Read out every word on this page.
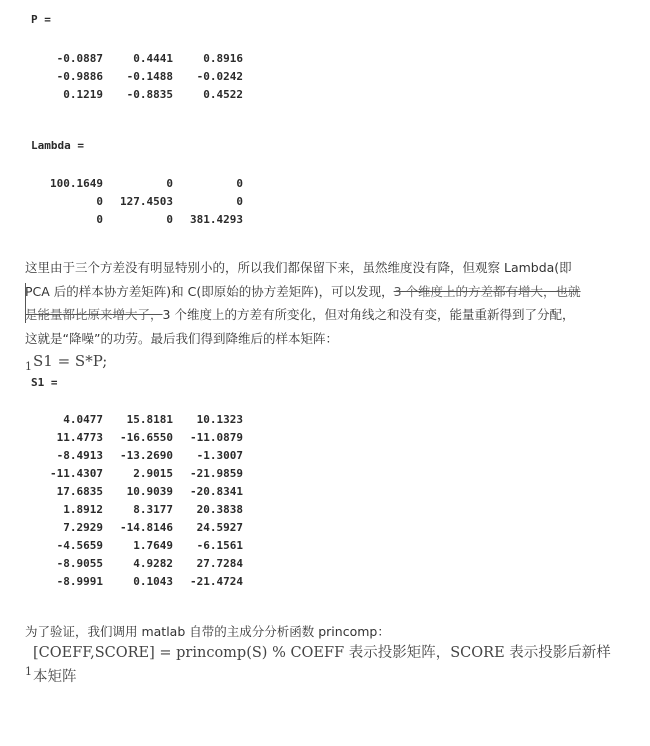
P =
-0.0887	0.4441	0.8916
-0.9886	-0.1488	-0.0242
0.1219	-0.8835	0.4522
Lambda =
100.1649	0	0
0	127.4503	0
0	0	381.4293
这里由于三个方差没有明显特别小的，所以我们都保留下来，虽然维度没有降，但观察 Lambda(即
PCA 后的样本协方差矩阵)和 C(即原始的协方差矩阵)，可以发现，3 个维度上的方差都有增大，也就
是能量都比原来增大了，3 个维度上的方差有所变化，但对角线之和没有变，能量重新得到了分配，
这就是“降噪”的功劳。最后我们得到降维后的样本矩阵：
$_1$S1 = S*P;
S1 =
4.0477	15.8181	10.1323
11.4773	-16.6550	-11.0879
-8.4913	-13.2690	-1.3007
-11.4307	2.9015	-21.9859
17.6835	10.9039	-20.8341
1.8912	8.3177	20.3838
7.2929	-14.8146	24.5927
-4.5659	1.7649	-6.1561
-8.9055	4.9282	27.7284
-8.9991	0.1043	-21.4724
为了验证，我们调用 matlab 自带的主成分分析函数 princomp：
[COEFF,SCORE] = princomp(S) % COEFF 表示投影矩阵，SCORE 表示投影后新样
$^1$本矩阵
